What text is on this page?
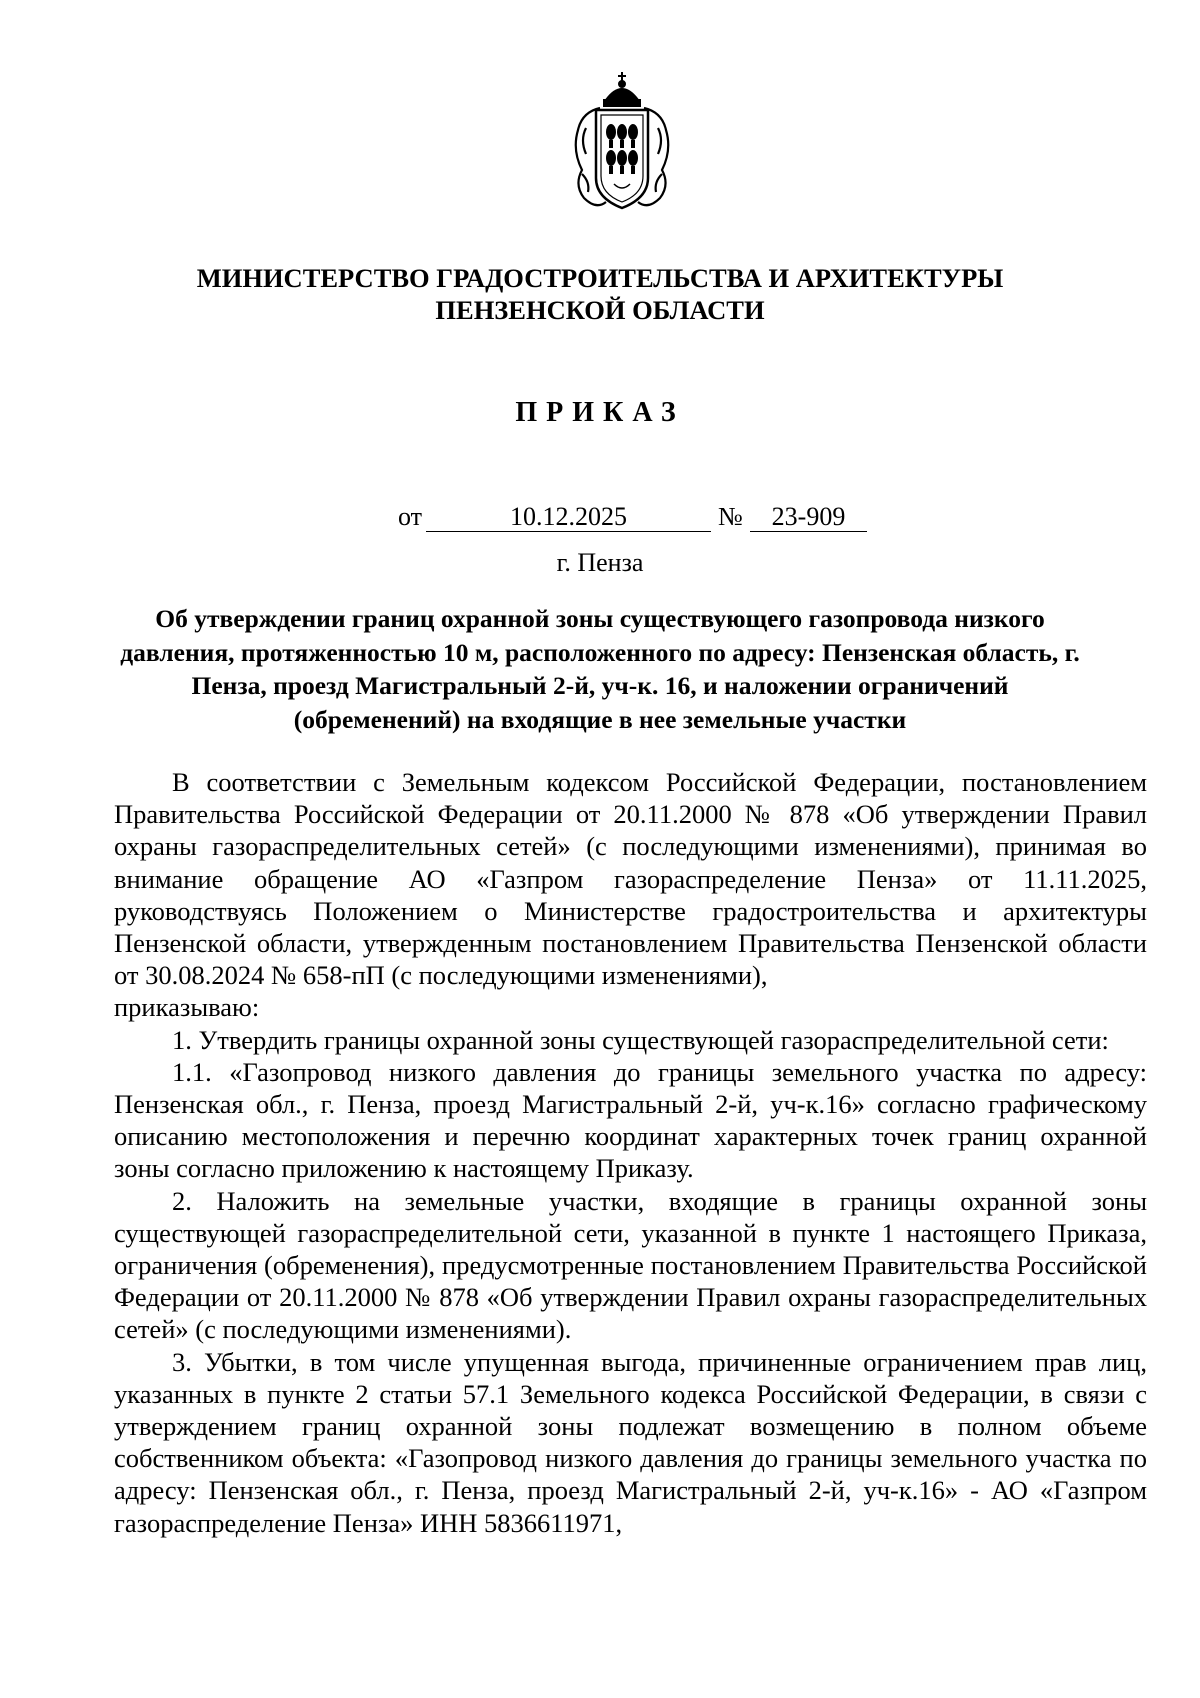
МИНИСТЕРСТВО ГРАДОСТРОИТЕЛЬСТВА И АРХИТЕКТУРЫ
ПЕНЗЕНСКОЙ ОБЛАСТИ
ПРИКАЗ
от	10.12.2025	№	23-909
г. Пенза
Об утверждении границ охранной зоны существующего газопровода низкого давления, протяженностью 10 м, расположенного по адресу: Пензенская область, г. Пенза, проезд Магистральный 2-й, уч-к. 16, и наложении ограничений (обременений) на входящие в нее земельные участки

В соответствии с Земельным кодексом Российской Федерации, постановлением Правительства Российской Федерации от 20.11.2000 № 878 «Об утверждении Правил охраны газораспределительных сетей» (с последующими изменениями), принимая во внимание обращение АО «Газпром газораспределение Пенза» от 11.11.2025, руководствуясь Положением о Министерстве градостроительства и архитектуры Пензенской области, утвержденным постановлением Правительства Пензенской области от 30.08.2024 № 658-пП (с последующими изменениями),

приказываю:

1. Утвердить границы охранной зоны существующей газораспределительной сети:

1.1. «Газопровод низкого давления до границы земельного участка по адресу: Пензенская обл., г. Пенза, проезд Магистральный 2-й, уч-к.16» согласно графическому описанию местоположения и перечню координат характерных точек границ охранной зоны согласно приложению к настоящему Приказу.

2. Наложить на земельные участки, входящие в границы охранной зоны существующей газораспределительной сети, указанной в пункте 1 настоящего Приказа, ограничения (обременения), предусмотренные постановлением Правительства Российской Федерации от 20.11.2000 № 878 «Об утверждении Правил охраны газораспределительных сетей» (с последующими изменениями).

3. Убытки, в том числе упущенная выгода, причиненные ограничением прав лиц, указанных в пункте 2 статьи 57.1 Земельного кодекса Российской Федерации, в связи с утверждением границ охранной зоны подлежат возмещению в полном объеме собственником объекта: «Газопровод низкого давления до границы земельного участка по адресу: Пензенская обл., г. Пенза, проезд Магистральный 2-й, уч-к.16» - АО «Газпром газораспределение Пенза» ИНН 5836611971,
